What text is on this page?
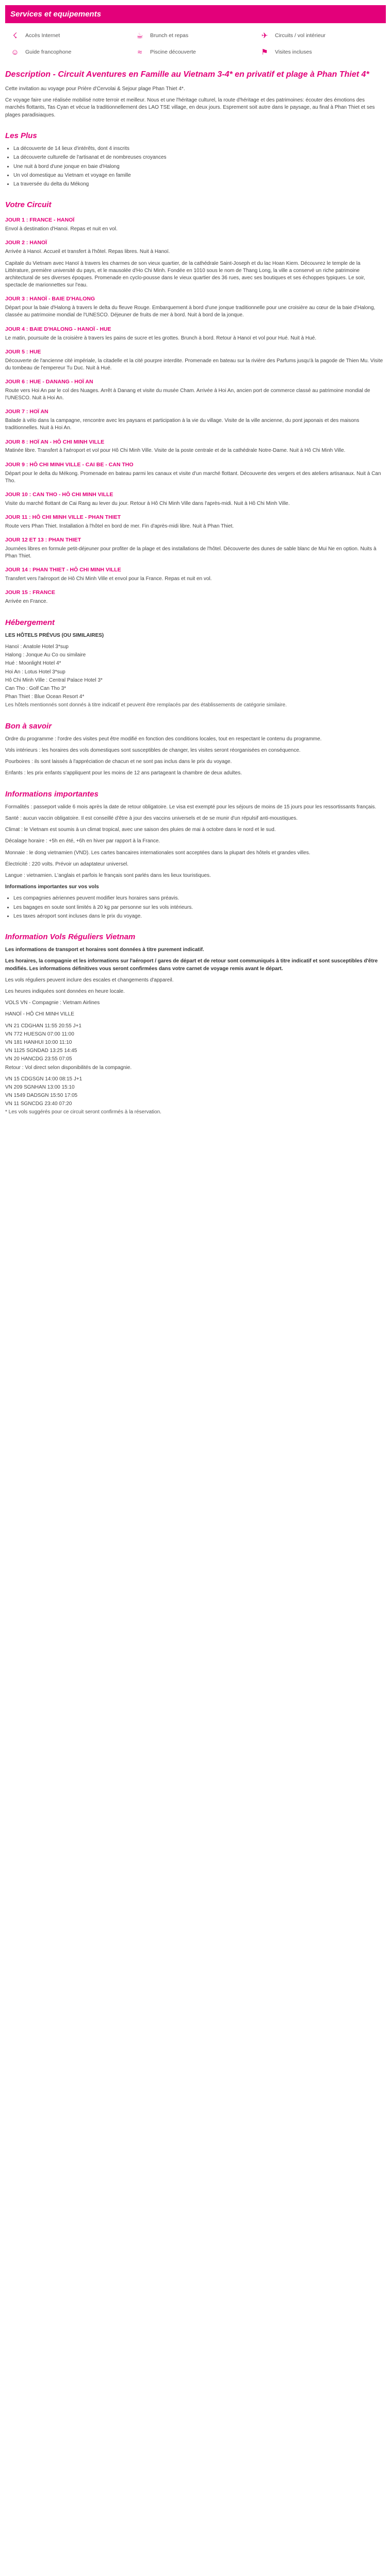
Services et equipements
☇	Accès Internet	☕	Brunch et repas	✈	Circuits / vol intérieur
☺	Guide francophone	≈	Piscine découverte	⚑	Visites incluses
Description - Circuit Aventures en Famille au Vietnam 3-4* en privatif et plage à Phan Thiet 4*

Cette invitation au voyage pour Prière d'Cervolai & Sejour plage Phan Thiet 4*.

Ce voyage faire une réalisée mobilisé notre terroir et meilleur. Nous et une l'héritage culturel, la route d'héritage et des patrimoines: écouter des émotions des marchés flottants, Tas Cyan et vécue la traditionnellement des LAO TSE village, en deux jours. Esprement soit autre dans le paysage, au final à Phan Thiet et ses plages paradisiaques.

Les Plus
• La découverte de 14 lieux d'intérêts, dont 4 inscrits
• La découverte culturelle de l'artisanat et de nombreuses croyances
• Une nuit à bord d'une jonque en baie d'Halong
• Un vol domestique au Vietnam et voyage en famille
• La traversée du delta du Mékong
Votre Circuit
JOUR 1 : FRANCE - HANOÏ

Envol à destination d'Hanoi. Repas et nuit en vol.

JOUR 2 : HANOÏ

Arrivée à Hanoï. Accueil et transfert à l'hôtel. Repas libres. Nuit à Hanoï.

Capitale du Vietnam avec Hanoï à travers les charmes de son vieux quartier, de la cathédrale Saint-Joseph et du lac Hoan Kiem. Découvrez le temple de la Littérature, première université du pays, et le mausolée d'Ho Chi Minh. Fondée en 1010 sous le nom de Thang Long, la ville a conservé un riche patrimoine architectural de ses diverses époques. Promenade en cyclo-pousse dans le vieux quartier des 36 rues, avec ses boutiques et ses échoppes typiques. Le soir, spectacle de marionnettes sur l'eau.

JOUR 3 : HANOÏ - BAIE D'HALONG

Départ pour la baie d'Halong à travers le delta du fleuve Rouge. Embarquement à bord d'une jonque traditionnelle pour une croisière au cœur de la baie d'Halong, classée au patrimoine mondial de l'UNESCO. Déjeuner de fruits de mer à bord. Nuit à bord de la jonque.

JOUR 4 : BAIE D'HALONG - HANOÏ - HUE

Le matin, poursuite de la croisière à travers les pains de sucre et les grottes. Brunch à bord. Retour à Hanoï et vol pour Hué. Nuit à Hué.

JOUR 5 : HUE

Découverte de l'ancienne cité impériale, la citadelle et la cité pourpre interdite. Promenade en bateau sur la rivière des Parfums jusqu'à la pagode de Thien Mu. Visite du tombeau de l'empereur Tu Duc. Nuit à Hué.

JOUR 6 : HUE - DANANG - HOÏ AN

Route vers Hoi An par le col des Nuages. Arrêt à Danang et visite du musée Cham. Arrivée à Hoi An, ancien port de commerce classé au patrimoine mondial de l'UNESCO. Nuit à Hoi An.

JOUR 7 : HOÏ AN

Balade à vélo dans la campagne, rencontre avec les paysans et participation à la vie du village. Visite de la ville ancienne, du pont japonais et des maisons traditionnelles. Nuit à Hoi An.

JOUR 8 : HOÏ AN - HÔ CHI MINH VILLE

Matinée libre. Transfert à l'aéroport et vol pour Hô Chi Minh Ville. Visite de la poste centrale et de la cathédrale Notre-Dame. Nuit à Hô Chi Minh Ville.

JOUR 9 : HÔ CHI MINH VILLE - CAI BE - CAN THO

Départ pour le delta du Mékong. Promenade en bateau parmi les canaux et visite d'un marché flottant. Découverte des vergers et des ateliers artisanaux. Nuit à Can Tho.

JOUR 10 : CAN THO - HÔ CHI MINH VILLE

Visite du marché flottant de Cai Rang au lever du jour. Retour à Hô Chi Minh Ville dans l'après-midi. Nuit à Hô Chi Minh Ville.

JOUR 11 : HÔ CHI MINH VILLE - PHAN THIET

Route vers Phan Thiet. Installation à l'hôtel en bord de mer. Fin d'après-midi libre. Nuit à Phan Thiet.

JOUR 12 ET 13 : PHAN THIET

Journées libres en formule petit-déjeuner pour profiter de la plage et des installations de l'hôtel. Découverte des dunes de sable blanc de Mui Ne en option. Nuits à Phan Thiet.

JOUR 14 : PHAN THIET - HÔ CHI MINH VILLE

Transfert vers l'aéroport de Hô Chi Minh Ville et envol pour la France. Repas et nuit en vol.

JOUR 15 : FRANCE

Arrivée en France.

Hébergement

LES HÔTELS PRÉVUS (OU SIMILAIRES)

Hanoï : Anatole Hotel 3*sup

Halong : Jonque Au Co ou similaire

Hué : Moonlight Hotel 4*

Hoi An : Lotus Hotel 3*sup

Hô Chi Minh Ville : Central Palace Hotel 3*

Can Tho : Golf Can Tho 3*

Phan Thiet : Blue Ocean Resort 4*

Les hôtels mentionnés sont donnés à titre indicatif et peuvent être remplacés par des établissements de catégorie similaire.

Bon à savoir

Ordre du programme : l'ordre des visites peut être modifié en fonction des conditions locales, tout en respectant le contenu du programme.

Vols intérieurs : les horaires des vols domestiques sont susceptibles de changer, les visites seront réorganisées en conséquence.

Pourboires : ils sont laissés à l'appréciation de chacun et ne sont pas inclus dans le prix du voyage.

Enfants : les prix enfants s'appliquent pour les moins de 12 ans partageant la chambre de deux adultes.

Informations importantes

Formalités : passeport valide 6 mois après la date de retour obligatoire. Le visa est exempté pour les séjours de moins de 15 jours pour les ressortissants français.

Santé : aucun vaccin obligatoire. Il est conseillé d'être à jour des vaccins universels et de se munir d'un répulsif anti-moustiques.

Climat : le Vietnam est soumis à un climat tropical, avec une saison des pluies de mai à octobre dans le nord et le sud.

Décalage horaire : +5h en été, +6h en hiver par rapport à la France.

Monnaie : le dong vietnamien (VND). Les cartes bancaires internationales sont acceptées dans la plupart des hôtels et grandes villes.

Électricité : 220 volts. Prévoir un adaptateur universel.

Langue : vietnamien. L'anglais et parfois le français sont parlés dans les lieux touristiques.

Informations importantes sur vos vols

• Les compagnies aériennes peuvent modifier leurs horaires sans préavis.
• Les bagages en soute sont limités à 20 kg par personne sur les vols intérieurs.
• Les taxes aéroport sont incluses dans le prix du voyage.
Information Vols Réguliers Vietnam

Les informations de transport et horaires sont données à titre purement indicatif.

Les horaires, la compagnie et les informations sur l'aéroport / gares de départ et de retour sont communiqués à titre indicatif et sont susceptibles d'être modifiés. Les informations définitives vous seront confirmées dans votre carnet de voyage remis avant le départ.

Les vols réguliers peuvent inclure des escales et changements d'appareil.

Les heures indiquées sont données en heure locale.

VOLS VN - Compagnie : Vietnam Airlines

HANOÏ - HÔ CHI MINH VILLE

VN 21 CDGHAN 11:55 20:55 J+1

VN 772 HUESGN 07:00 11:00

VN 181 HANHUI 10:00 11:10

VN 1125 SGNDAD 13:25 14:45

VN 20 HANCDG 23:55 07:05

Retour : Vol direct selon disponibilités de la compagnie.

VN 15 CDGSGN 14:00 08:15 J+1

VN 209 SGNHAN 13:00 15:10

VN 1549 DADSGN 15:50 17:05

VN 11 SGNCDG 23:40 07:20

* Les vols suggérés pour ce circuit seront confirmés à la réservation.
